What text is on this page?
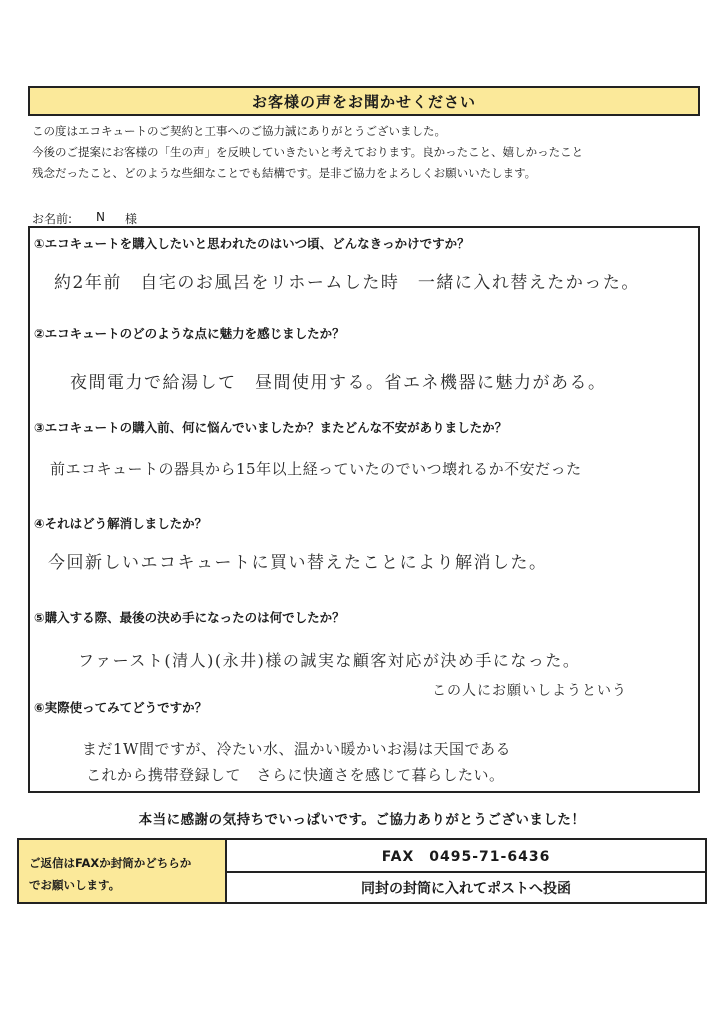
お客様の声をお聞かせください
この度はエコキュートのご契約と工事へのご協力誠にありがとうございました。
今後のご提案にお客様の「生の声」を反映していきたいと考えております。良かったこと、嬉しかったこと
残念だったこと、どのような些細なことでも結構です。是非ご協力をよろしくお願いいたします。
お名前: N 様
①エコキュートを購入したいと思われたのはいつ頃、どんなきっかけですか？
約2年前　自宅のお風呂をリホームした時　一緒に入れ替えたかった。
②エコキュートのどのような点に魅力を感じましたか？
夜間電力で給湯して　昼間使用する。省エネ機器に魅力がある。
③エコキュートの購入前、何に悩んでいましたか？またどんな不安がありましたか？
前エコキュートの器具から15年以上経っていたのでいつ壊れるか不安だった
④それはどう解消しましたか？
今回新しいエコキュートに買い替えたことにより解消した。
⑤購入する際、最後の決め手になったのは何でしたか？
ファースト(清人)(永井)様の誠実な顧客対応が決め手になった。
この人にお願いしようという
⑥実際使ってみてどうですか？
まだ1W間ですが、冷たい水、温かい暖かいお湯は天国である
これから携帯登録して　さらに快適さを感じて暮らしたい。
本当に感謝の気持ちでいっぱいです。ご協力ありがとうございました！
ご返信はFAXか封筒かどちらか
でお願いします。
FAX　0495-71-6436
同封の封筒に入れてポストへ投函
